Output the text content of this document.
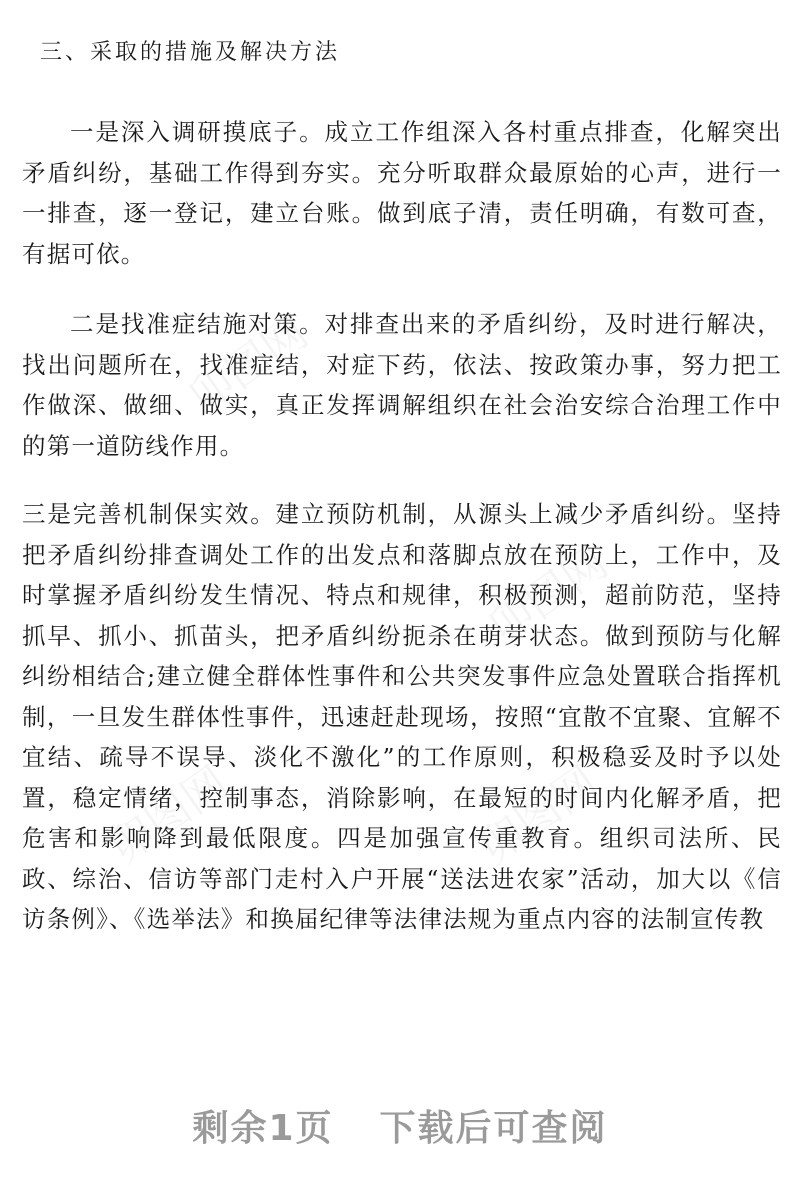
三、采取的措施及解决方法

一是深入调研摸底子。成立工作组深入各村重点排查，化解突出矛盾纠纷，基础工作得到夯实。充分听取群众最原始的心声，进行一一排查，逐一登记，建立台账。做到底子清，责任明确，有数可查，有据可依。

二是找准症结施对策。对排查出来的矛盾纠纷，及时进行解决，找出问题所在，找准症结，对症下药，依法、按政策办事，努力把工作做深、做细、做实，真正发挥调解组织在社会治安综合治理工作中的第一道防线作用。

三是完善机制保实效。建立预防机制，从源头上减少矛盾纠纷。坚持把矛盾纠纷排查调处工作的出发点和落脚点放在预防上，工作中，及时掌握矛盾纠纷发生情况、特点和规律，积极预测，超前防范，坚持抓早、抓小、抓苗头，把矛盾纠纷扼杀在萌芽状态。做到预防与化解纠纷相结合;建立健全群体性事件和公共突发事件应急处置联合指挥机制，一旦发生群体性事件，迅速赶赴现场，按照“宜散不宜聚、宜解不宜结、疏导不误导、淡化不激化”的工作原则，积极稳妥及时予以处置，稳定情绪，控制事态，消除影响，在最短的时间内化解矛盾，把危害和影响降到最低限度。四是加强宣传重教育。组织司法所、民政、综治、信访等部门走村入户开展“送法进农家”活动，加大以《信访条例》、《选举法》和换届纪律等法律法规为重点内容的法制宣传教

剩余1页 下载后可查阅
